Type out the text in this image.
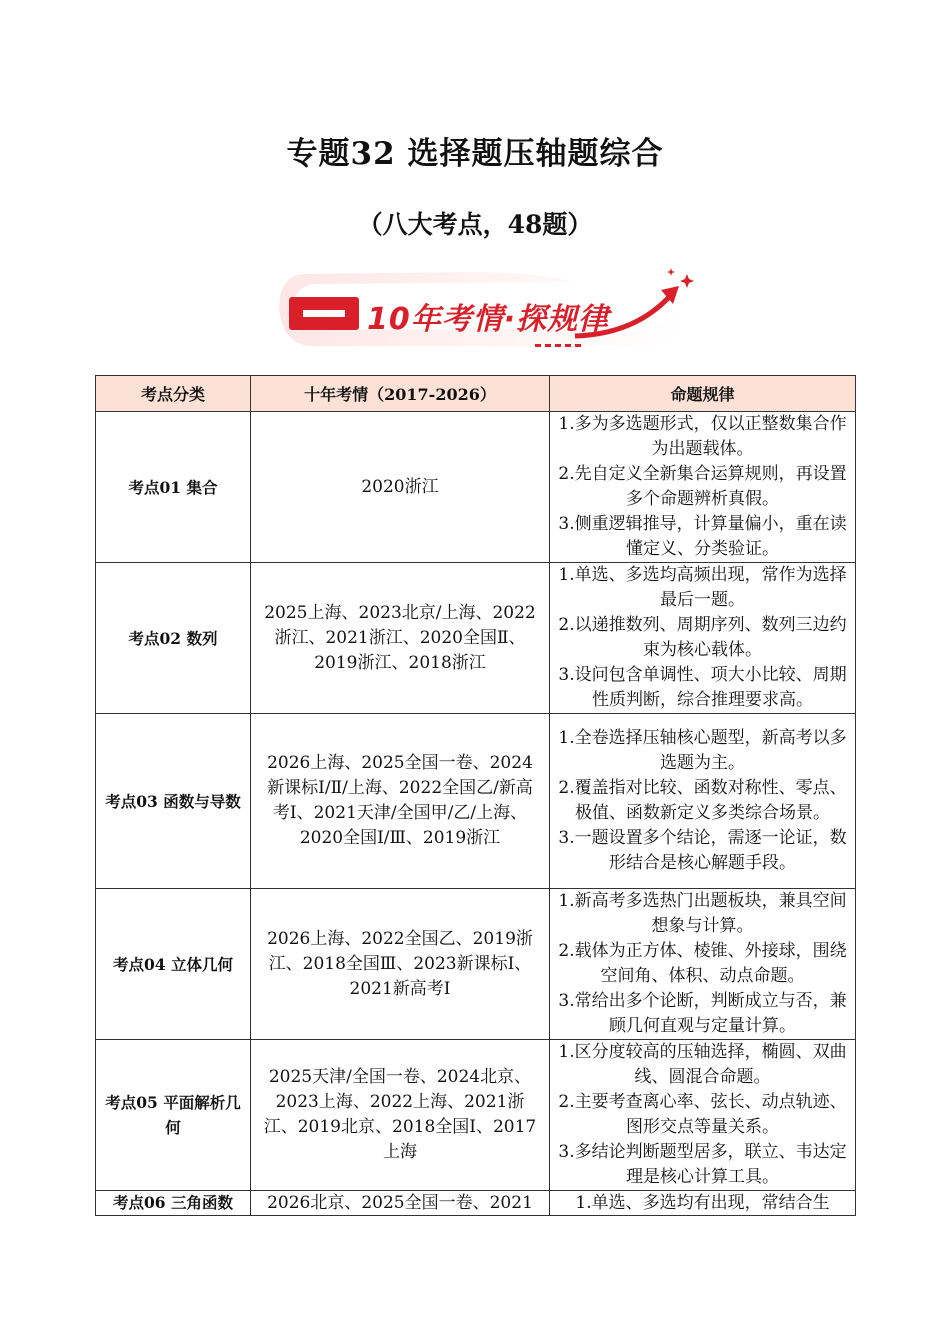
专题32 选择题压轴题综合
（八大考点，48题）
10年考情·探规律
考点分类	十年考情（2017-2026）	命题规律
考点01 集合	2020浙江	1.多为多选题形式，仅以正整数集合作为出题载体。

2.先自定义全新集合运算规则，再设置多个命题辨析真假。

3.侧重逻辑推导，计算量偏小，重在读懂定义、分类验证。

考点02 数列	2025上海、2023北京/上海、2022浙江、2021浙江、2020全国Ⅱ、2019浙江、2018浙江	1.单选、多选均高频出现，常作为选择最后一题。

2.以递推数列、周期序列、数列三边约束为核心载体。

3.设问包含单调性、项大小比较、周期性质判断，综合推理要求高。

考点03 函数与导数	2026上海、2025全国一卷、2024新课标Ⅰ/Ⅱ/上海、2022全国乙/新高考Ⅰ、2021天津/全国甲/乙/上海、2020全国Ⅰ/Ⅲ、2019浙江	1.全卷选择压轴核心题型，新高考以多选题为主。

2.覆盖指对比较、函数对称性、零点、极值、函数新定义多类综合场景。

3.一题设置多个结论，需逐一论证，数形结合是核心解题手段。

考点04 立体几何	2026上海、2022全国乙、2019浙江、2018全国Ⅲ、2023新课标Ⅰ、2021新高考Ⅰ	1.新高考多选热门出题板块，兼具空间想象与计算。

2.载体为正方体、棱锥、外接球，围绕空间角、体积、动点命题。

3.常给出多个论断，判断成立与否，兼顾几何直观与定量计算。

考点05 平面解析几何	2025天津/全国一卷、2024北京、2023上海、2022上海、2021浙江、2019北京、2018全国Ⅰ、2017上海	1.区分度较高的压轴选择，椭圆、双曲线、圆混合命题。

2.主要考查离心率、弦长、动点轨迹、图形交点等量关系。

3.多结论判断题型居多，联立、韦达定理是核心计算工具。

考点06 三角函数	2026北京、2025全国一卷、2021	1.单选、多选均有出现，常结合生
